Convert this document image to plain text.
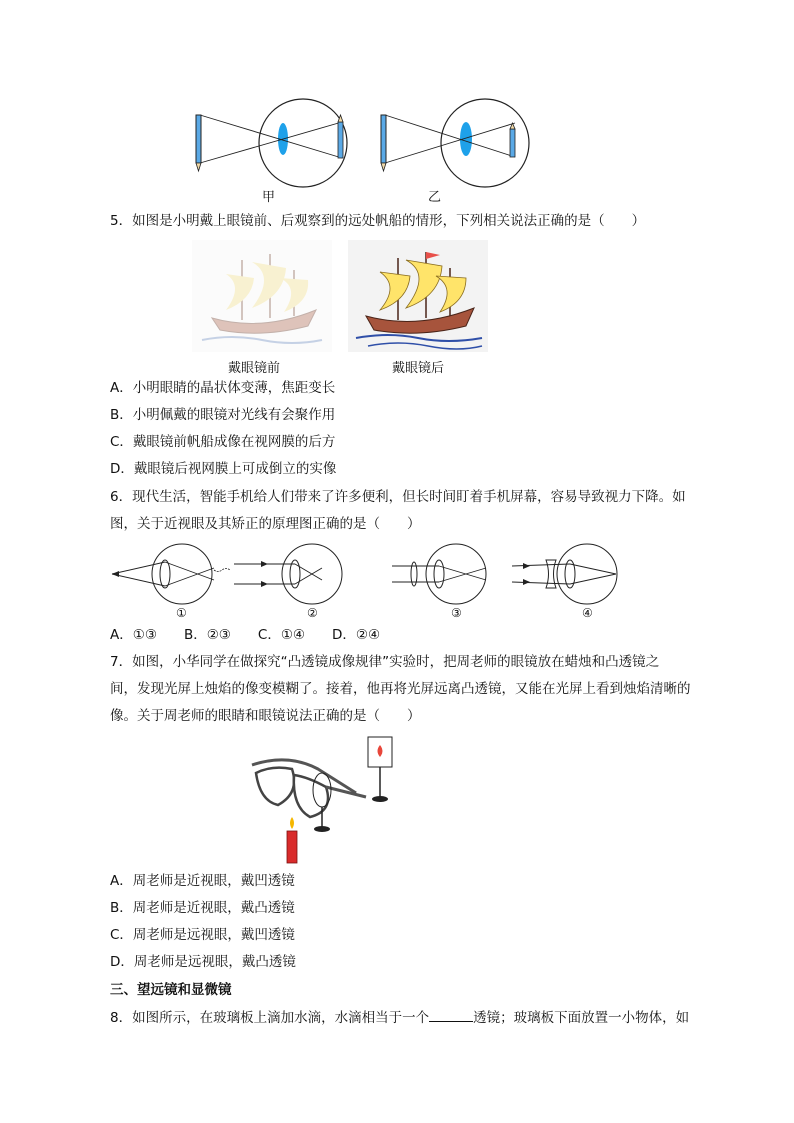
甲	乙
5．如图是小明戴上眼镜前、后观察到的远处帆船的情形，下列相关说法正确的是（　　）
戴眼镜前	戴眼镜后
A．小明眼睛的晶状体变薄，焦距变长
B．小明佩戴的眼镜对光线有会聚作用
C．戴眼镜前帆船成像在视网膜的后方
D．戴眼镜后视网膜上可成倒立的实像
6．现代生活，智能手机给人们带来了许多便利，但长时间盯着手机屏幕，容易导致视力下降。如
图，关于近视眼及其矫正的原理图正确的是（　　）
①	②	③	④
A．①③　　B．②③　　C．①④　　D．②④
7．如图，小华同学在做探究“凸透镜成像规律”实验时，把周老师的眼镜放在蜡烛和凸透镜之
间，发现光屏上烛焰的像变模糊了。接着，他再将光屏远离凸透镜，又能在光屏上看到烛焰清晰的
像。关于周老师的眼睛和眼镜说法正确的是（　　）
A．周老师是近视眼，戴凹透镜
B．周老师是近视眼，戴凸透镜
C．周老师是远视眼，戴凹透镜
D．周老师是远视眼，戴凸透镜
三、望远镜和显微镜
8．如图所示，在玻璃板上滴加水滴，水滴相当于一个	透镜；玻璃板下面放置一小物体，如
